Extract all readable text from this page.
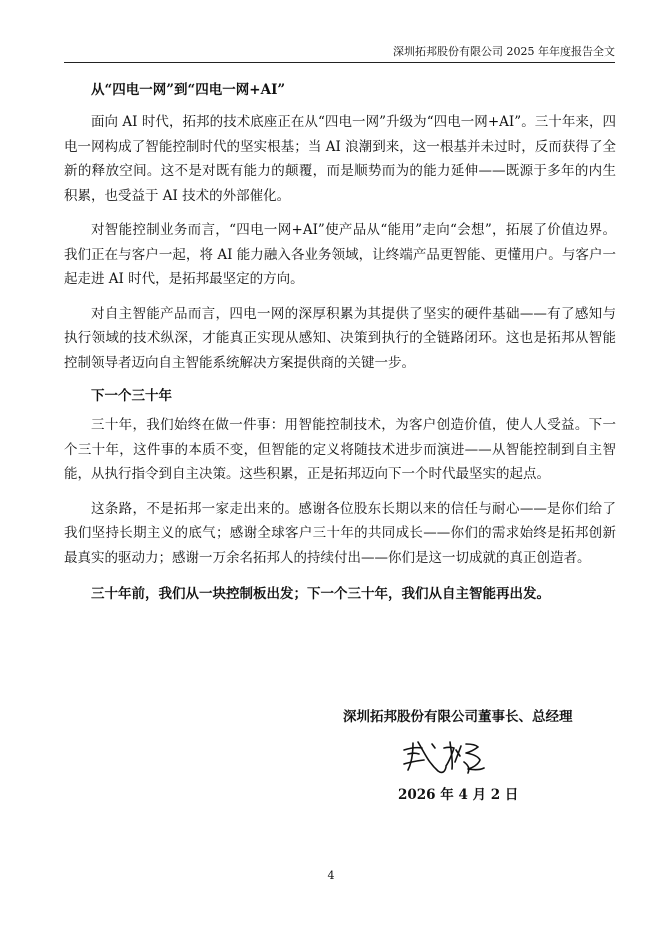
深圳拓邦股份有限公司 2025 年年度报告全文

从“四电一网”到“四电一网+AI”

面向 AI 时代，拓邦的技术底座正在从“四电一网”升级为“四电一网+AI”。三十年来，四电一网构成了智能控制时代的坚实根基；当 AI 浪潮到来，这一根基并未过时，反而获得了全新的释放空间。这不是对既有能力的颠覆，而是顺势而为的能力延伸——既源于多年的内生积累，也受益于 AI 技术的外部催化。

对智能控制业务而言，“四电一网+AI”使产品从“能用”走向“会想”，拓展了价值边界。我们正在与客户一起，将 AI 能力融入各业务领域，让终端产品更智能、更懂用户。与客户一起走进 AI 时代，是拓邦最坚定的方向。

对自主智能产品而言，四电一网的深厚积累为其提供了坚实的硬件基础——有了感知与执行领域的技术纵深，才能真正实现从感知、决策到执行的全链路闭环。这也是拓邦从智能控制领导者迈向自主智能系统解决方案提供商的关键一步。

下一个三十年

三十年，我们始终在做一件事：用智能控制技术，为客户创造价值，使人人受益。下一个三十年，这件事的本质不变，但智能的定义将随技术进步而演进——从智能控制到自主智能，从执行指令到自主决策。这些积累，正是拓邦迈向下一个时代最坚实的起点。

这条路，不是拓邦一家走出来的。感谢各位股东长期以来的信任与耐心——是你们给了我们坚持长期主义的底气；感谢全球客户三十年的共同成长——你们的需求始终是拓邦创新最真实的驱动力；感谢一万余名拓邦人的持续付出——你们是这一切成就的真正创造者。

三十年前，我们从一块控制板出发；下一个三十年，我们从自主智能再出发。

深圳拓邦股份有限公司董事长、总经理
2026 年 4 月 2 日
4
